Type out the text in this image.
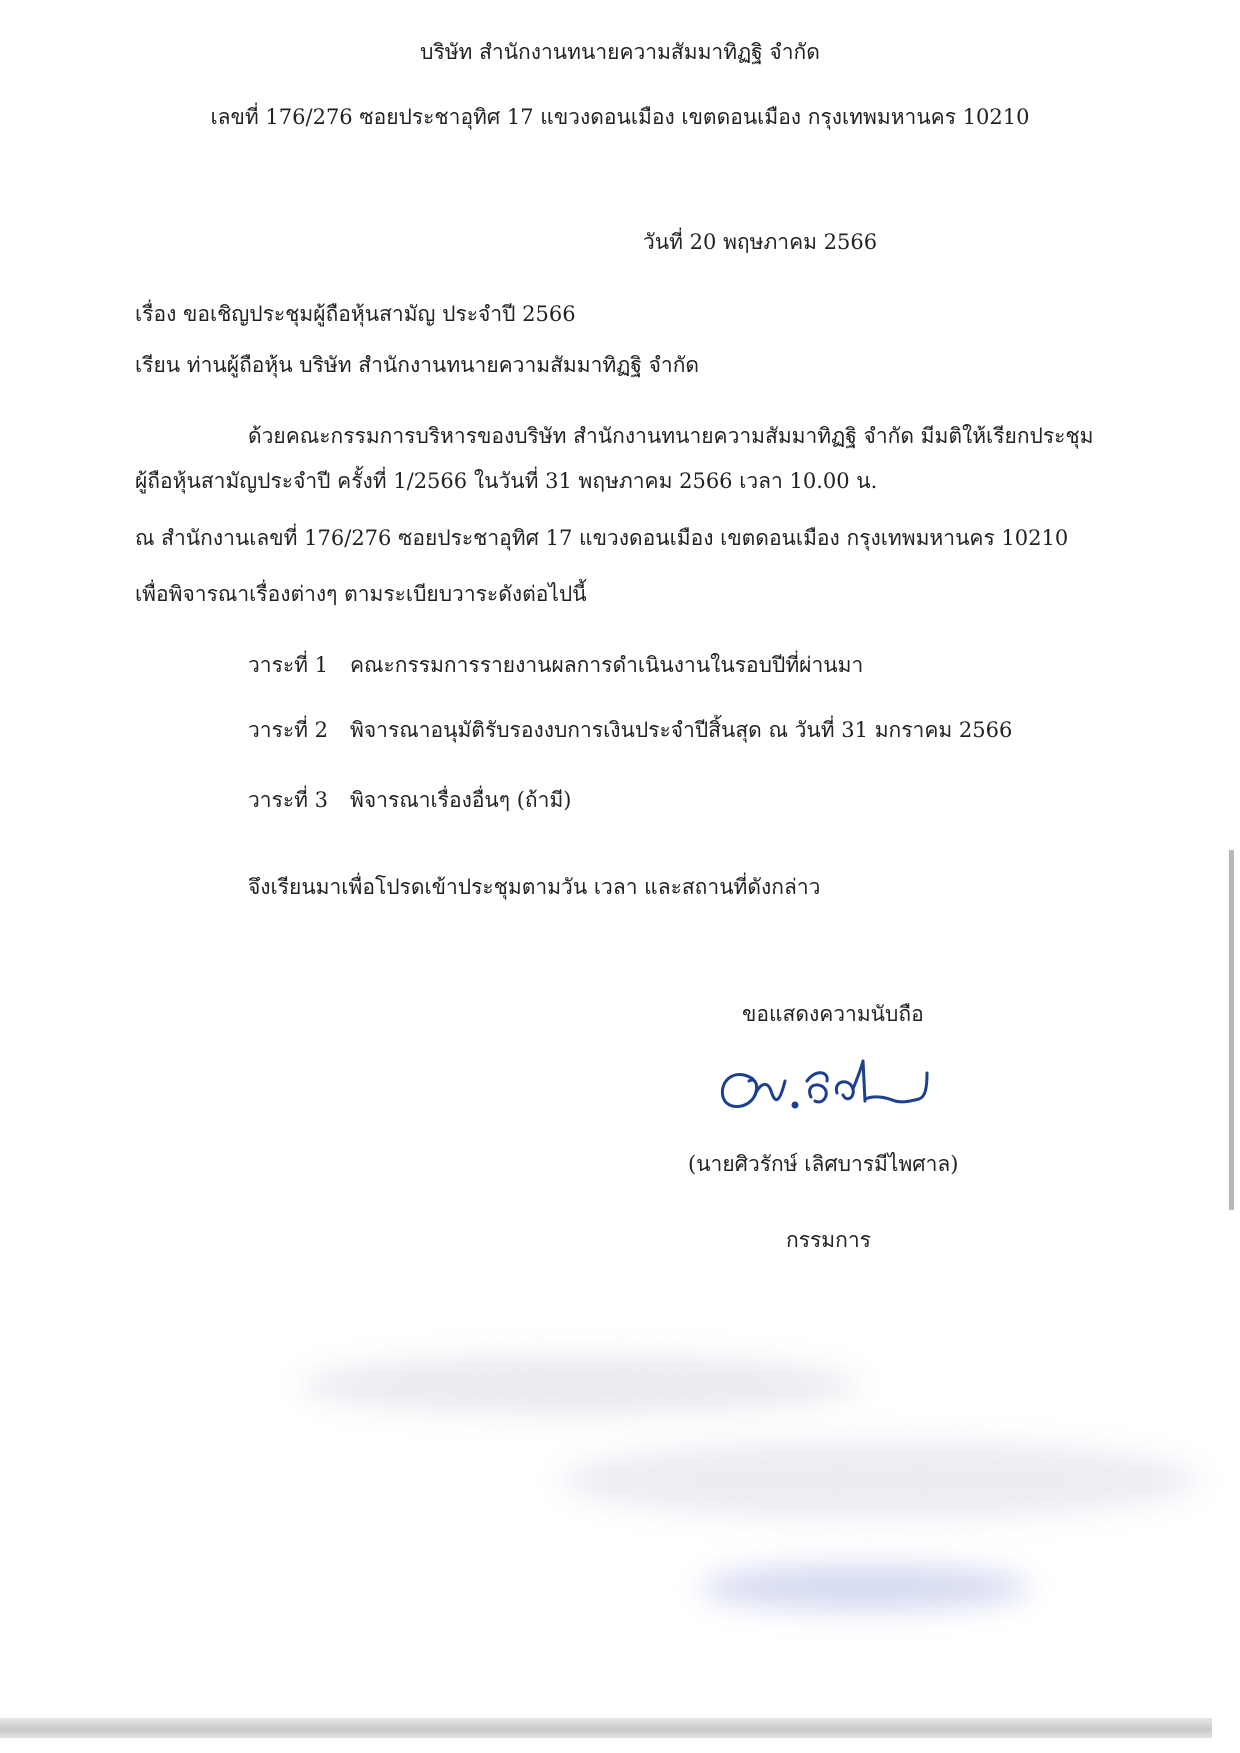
บริษัท สำนักงานทนายความสัมมาทิฏฐิ จำกัด
เลขที่ 176/276 ซอยประชาอุทิศ 17 แขวงดอนเมือง เขตดอนเมือง กรุงเทพมหานคร 10210
วันที่ 20 พฤษภาคม 2566
เรื่อง ขอเชิญประชุมผู้ถือหุ้นสามัญ ประจำปี 2566
เรียน ท่านผู้ถือหุ้น บริษัท สำนักงานทนายความสัมมาทิฏฐิ จำกัด
ด้วยคณะกรรมการบริหารของบริษัท สำนักงานทนายความสัมมาทิฏฐิ จำกัด มีมติให้เรียกประชุม
ผู้ถือหุ้นสามัญประจำปี ครั้งที่ 1/2566 ในวันที่ 31 พฤษภาคม 2566 เวลา 10.00 น.
ณ สำนักงานเลขที่ 176/276 ซอยประชาอุทิศ 17 แขวงดอนเมือง เขตดอนเมือง กรุงเทพมหานคร 10210
เพื่อพิจารณาเรื่องต่างๆ ตามระเบียบวาระดังต่อไปนี้
วาระที่ 1 คณะกรรมการรายงานผลการดำเนินงานในรอบปีที่ผ่านมา
วาระที่ 2 พิจารณาอนุมัติรับรองงบการเงินประจำปีสิ้นสุด ณ วันที่ 31 มกราคม 2566
วาระที่ 3 พิจารณาเรื่องอื่นๆ (ถ้ามี)
จึงเรียนมาเพื่อโปรดเข้าประชุมตามวัน เวลา และสถานที่ดังกล่าว
ขอแสดงความนับถือ
(นายศิวรักษ์ เลิศบารมีไพศาล)
กรรมการ
